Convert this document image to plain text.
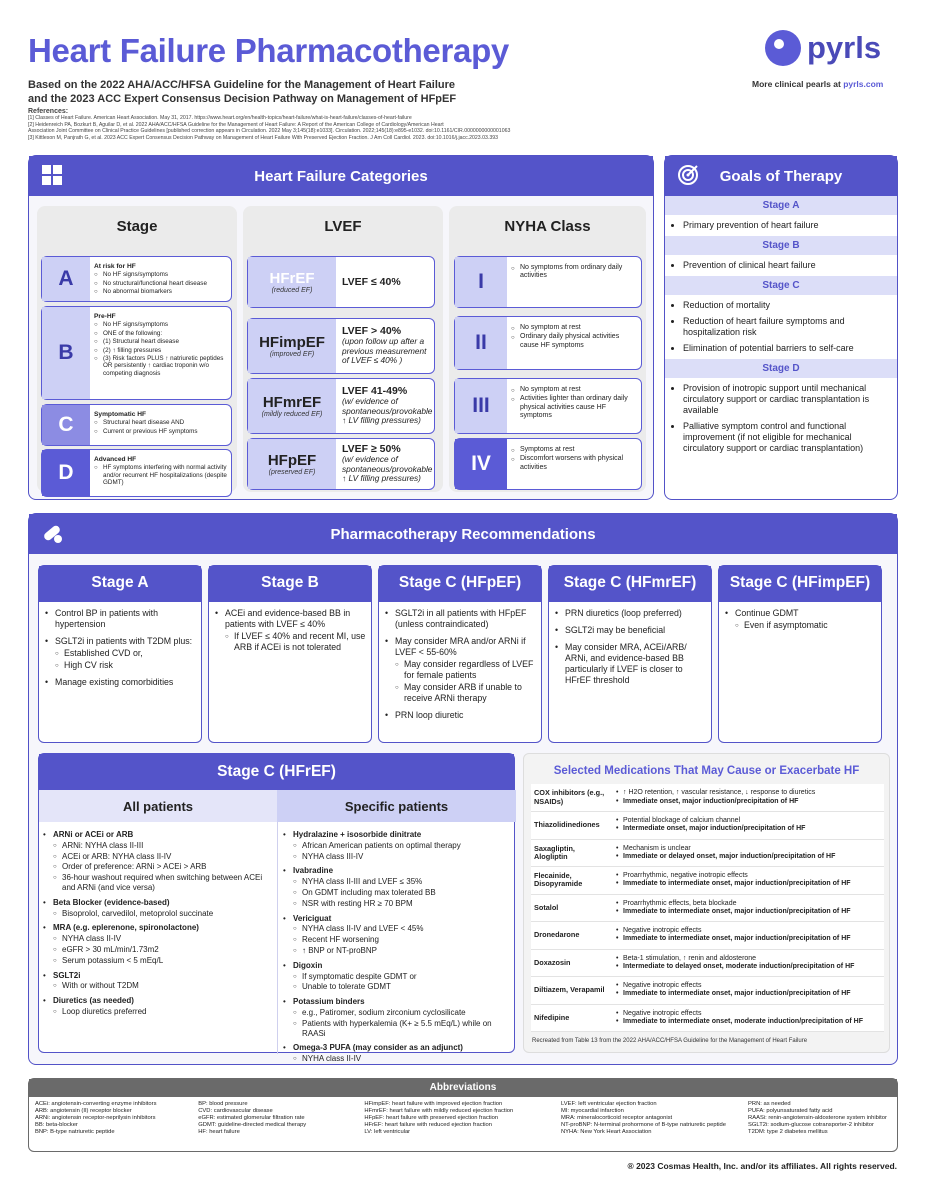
Heart Failure Pharmacotherapy
Based on the 2022 AHA/ACC/HFSA Guideline for the Management of Heart Failure
and the 2023 ACC Expert Consensus Decision Pathway on Management of HFpEF
References:
[1] Classes of Heart Failure. American Heart Association. May 31, 2017. https://www.heart.org/en/health-topics/heart-failure/what-is-heart-failure/classes-of-heart-failure
[2] Heidenreich PA, Bozkurt B, Aguilar D, et al. 2022 AHA/ACC/HFSA Guideline for the Management of Heart Failure: A Report of the American College of Cardiology/American Heart
Association Joint Committee on Clinical Practice Guidelines [published correction appears in Circulation. 2022 May 3;145(18):e1033]. Circulation. 2022;145(18):e895-e1032. doi:10.1161/CIR.0000000000001063
[3] Kittleson M, Panjrath G, et al. 2023 ACC Expert Consensus Decision Pathway on Management of Heart Failure With Preserved Ejection Fraction. J Am Coll Cardiol. 2023. doi:10.1016/j.jacc.2023.03.393
pyrls
More clinical pearls at pyrls.com
Heart Failure Categories
Stage
A
At risk for HF
○ No HF signs/symptoms
○ No structural/functional heart disease
○ No abnormal biomarkers
B
Pre-HF
○ No HF signs/symptoms
○ ONE of the following:
○ (1) Structural heart disease
○ (2) ↑ filling pressures
○ (3) Risk factors PLUS ↑ natriuretic peptides OR persistently ↑ cardiac troponin w/o competing diagnosis
C	Symptomatic HF
○ Structural heart disease AND
○ Current or previous HF symptoms
D
Advanced HF
○ HF symptoms interfering with normal activity and/or recurrent HF hospitalizations (despite GDMT)
LVEF
HFrEF
(reduced EF)
LVEF ≤ 40%
HFimpEF
(improved EF)
LVEF > 40%
(upon follow up after a previous measurement of LVEF ≤ 40% )
HFmrEF
(mildly reduced EF)
LVEF 41-49%
(w/ evidence of spontaneous/provokable ↑ LV filling pressures)
HFpEF
(preserved EF)
LVEF ≥ 50%
(w/ evidence of spontaneous/provokable ↑ LV filling pressures)
NYHA Class
I
○ No symptoms from ordinary daily activities
II
○ No symptom at rest
○ Ordinary daily physical activities cause HF symptoms
III
○ No symptom at rest
○ Activities lighter than ordinary daily physical activities cause HF symptoms
IV
○ Symptoms at rest
○ Discomfort worsens with physical activities
Goals of Therapy
Stage A
• Primary prevention of heart failure
Stage B
• Prevention of clinical heart failure
Stage C
• Reduction of mortality
• Reduction of heart failure symptoms and hospitalization risk
• Elimination of potential barriers to self-care
Stage D
• Provision of inotropic support until mechanical circulatory support or cardiac transplantation is available
• Palliative symptom control and functional improvement (if not eligible for mechanical circulatory support or cardiac transplantation)
Pharmacotherapy Recommendations
Stage A
• Control BP in patients with hypertension
• SGLT2i in patients with T2DM plus:
○ Established CVD or,
○ High CV risk
• Manage existing comorbidities
Stage B
• ACEi and evidence-based BB in patients with LVEF ≤ 40%
○ If LVEF ≤ 40% and recent MI, use ARB if ACEi is not tolerated
Stage C (HFpEF)
• SGLT2i in all patients with HFpEF (unless contraindicated)
• May consider MRA and/or ARNi if LVEF < 55-60%
○ May consider regardless of LVEF for female patients
○ May consider ARB if unable to receive ARNi therapy
• PRN loop diuretic
Stage C (HFmrEF)
• PRN diuretics (loop preferred)
• SGLT2i may be beneficial
• May consider MRA, ACEi/ARB/ ARNi, and evidence-based BB particularly if LVEF is closer to HFrEF threshold
Stage C (HFimpEF)
• Continue GDMT
○ Even if asymptomatic
Stage C (HFrEF)
All patients	Specific patients
• ARNi or ACEi or ARB
○ ARNi: NYHA class II-III
○ ACEi or ARB: NYHA class II-IV
○ Order of preference: ARNi > ACEi > ARB
○ 36-hour washout required when switching between ACEi and ARNi (and vice versa)
• Beta Blocker (evidence-based)
○ Bisoprolol, carvedilol, metoprolol succinate
• MRA (e.g. eplerenone, spironolactone)
○ NYHA class II-IV
○ eGFR > 30 mL/min/1.73m2
○ Serum potassium < 5 mEq/L
• SGLT2i
○ With or without T2DM
• Diuretics (as needed)
○ Loop diuretics preferred
• Hydralazine + isosorbide dinitrate
○ African American patients on optimal therapy
○ NYHA class III-IV
• Ivabradine
○ NYHA class II-III and LVEF ≤ 35%
○ On GDMT including max tolerated BB
○ NSR with resting HR ≥ 70 BPM
• Vericiguat
○ NYHA class II-IV and LVEF < 45%
○ Recent HF worsening
○ ↑ BNP or NT-proBNP
• Digoxin
○ If symptomatic despite GDMT or
○ Unable to tolerate GDMT
• Potassium binders
○ e.g., Patiromer, sodium zirconium cyclosilicate
○ Patients with hyperkalemia (K+ ≥ 5.5 mEq/L) while on RAASi
• Omega-3 PUFA (may consider as an adjunct)
○ NYHA class II-IV
Selected Medications That May Cause or Exacerbate HF
COX inhibitors (e.g., NSAIDs)	• ↑ H2O retention, ↑ vascular resistance, ↓ response to diuretics
• Immediate onset, major induction/precipitation of HF

Thiazolidinediones	• Potential blockage of calcium channel
• Intermediate onset, major induction/precipitation of HF

Saxagliptin, Alogliptin	• Mechanism is unclear
• Immediate or delayed onset, major induction/precipitation of HF

Flecainide, Disopyramide	• Proarrhythmic, negative inotropic effects
• Immediate to intermediate onset, major induction/precipitation of HF

Sotalol	• Proarrhythmic effects, beta blockade
• Immediate to intermediate onset, major induction/precipitation of HF

Dronedarone	• Negative inotropic effects
• Immediate to intermediate onset, major induction/precipitation of HF

Doxazosin	• Beta-1 stimulation, ↑ renin and aldosterone
• Intermediate to delayed onset, moderate induction/precipitation of HF

Diltiazem, Verapamil	• Negative inotropic effects
• Immediate to intermediate onset, major induction/precipitation of HF

Nifedipine	• Negative inotropic effects
• Immediate to intermediate onset, moderate induction/precipitation of HF
Recreated from Table 13 from the 2022 AHA/ACC/HFSA Guideline for the Management of Heart Failure
Abbreviations
ACEi: angiotensin-converting enzyme inhibitors
ARB: angiotensin (II) receptor blocker
ARNi: angiotensin receptor-neprilysin inhibitors
BB: beta-blocker
BNP: B-type natriuretic peptide
BP: blood pressure
CVD: cardiovascular disease
eGFR: estimated glomerular filtration rate
GDMT: guideline-directed medical therapy
HF: heart failure
HFimpEF: heart failure with improved ejection fraction
HFmrEF: heart failure with mildly reduced ejection fraction
HFpEF: heart failure with preserved ejection fraction
HFrEF: heart failure with reduced ejection fraction
LV: left ventricular
LVEF: left ventricular ejection fraction
MI: myocardial infarction
MRA: mineralocorticoid receptor antagonist
NT-proBNP: N-terminal prohormone of B-type natriuretic peptide
NYHA: New York Heart Association
PRN: as needed
PUFA: polyunsaturated fatty acid
RAASi: renin-angiotensin-aldosterone system inhibitor
SGLT2i: sodium-glucose cotransporter-2 inhibitor
T2DM: type 2 diabetes mellitus
® 2023 Cosmas Health, Inc. and/or its affiliates. All rights reserved.
